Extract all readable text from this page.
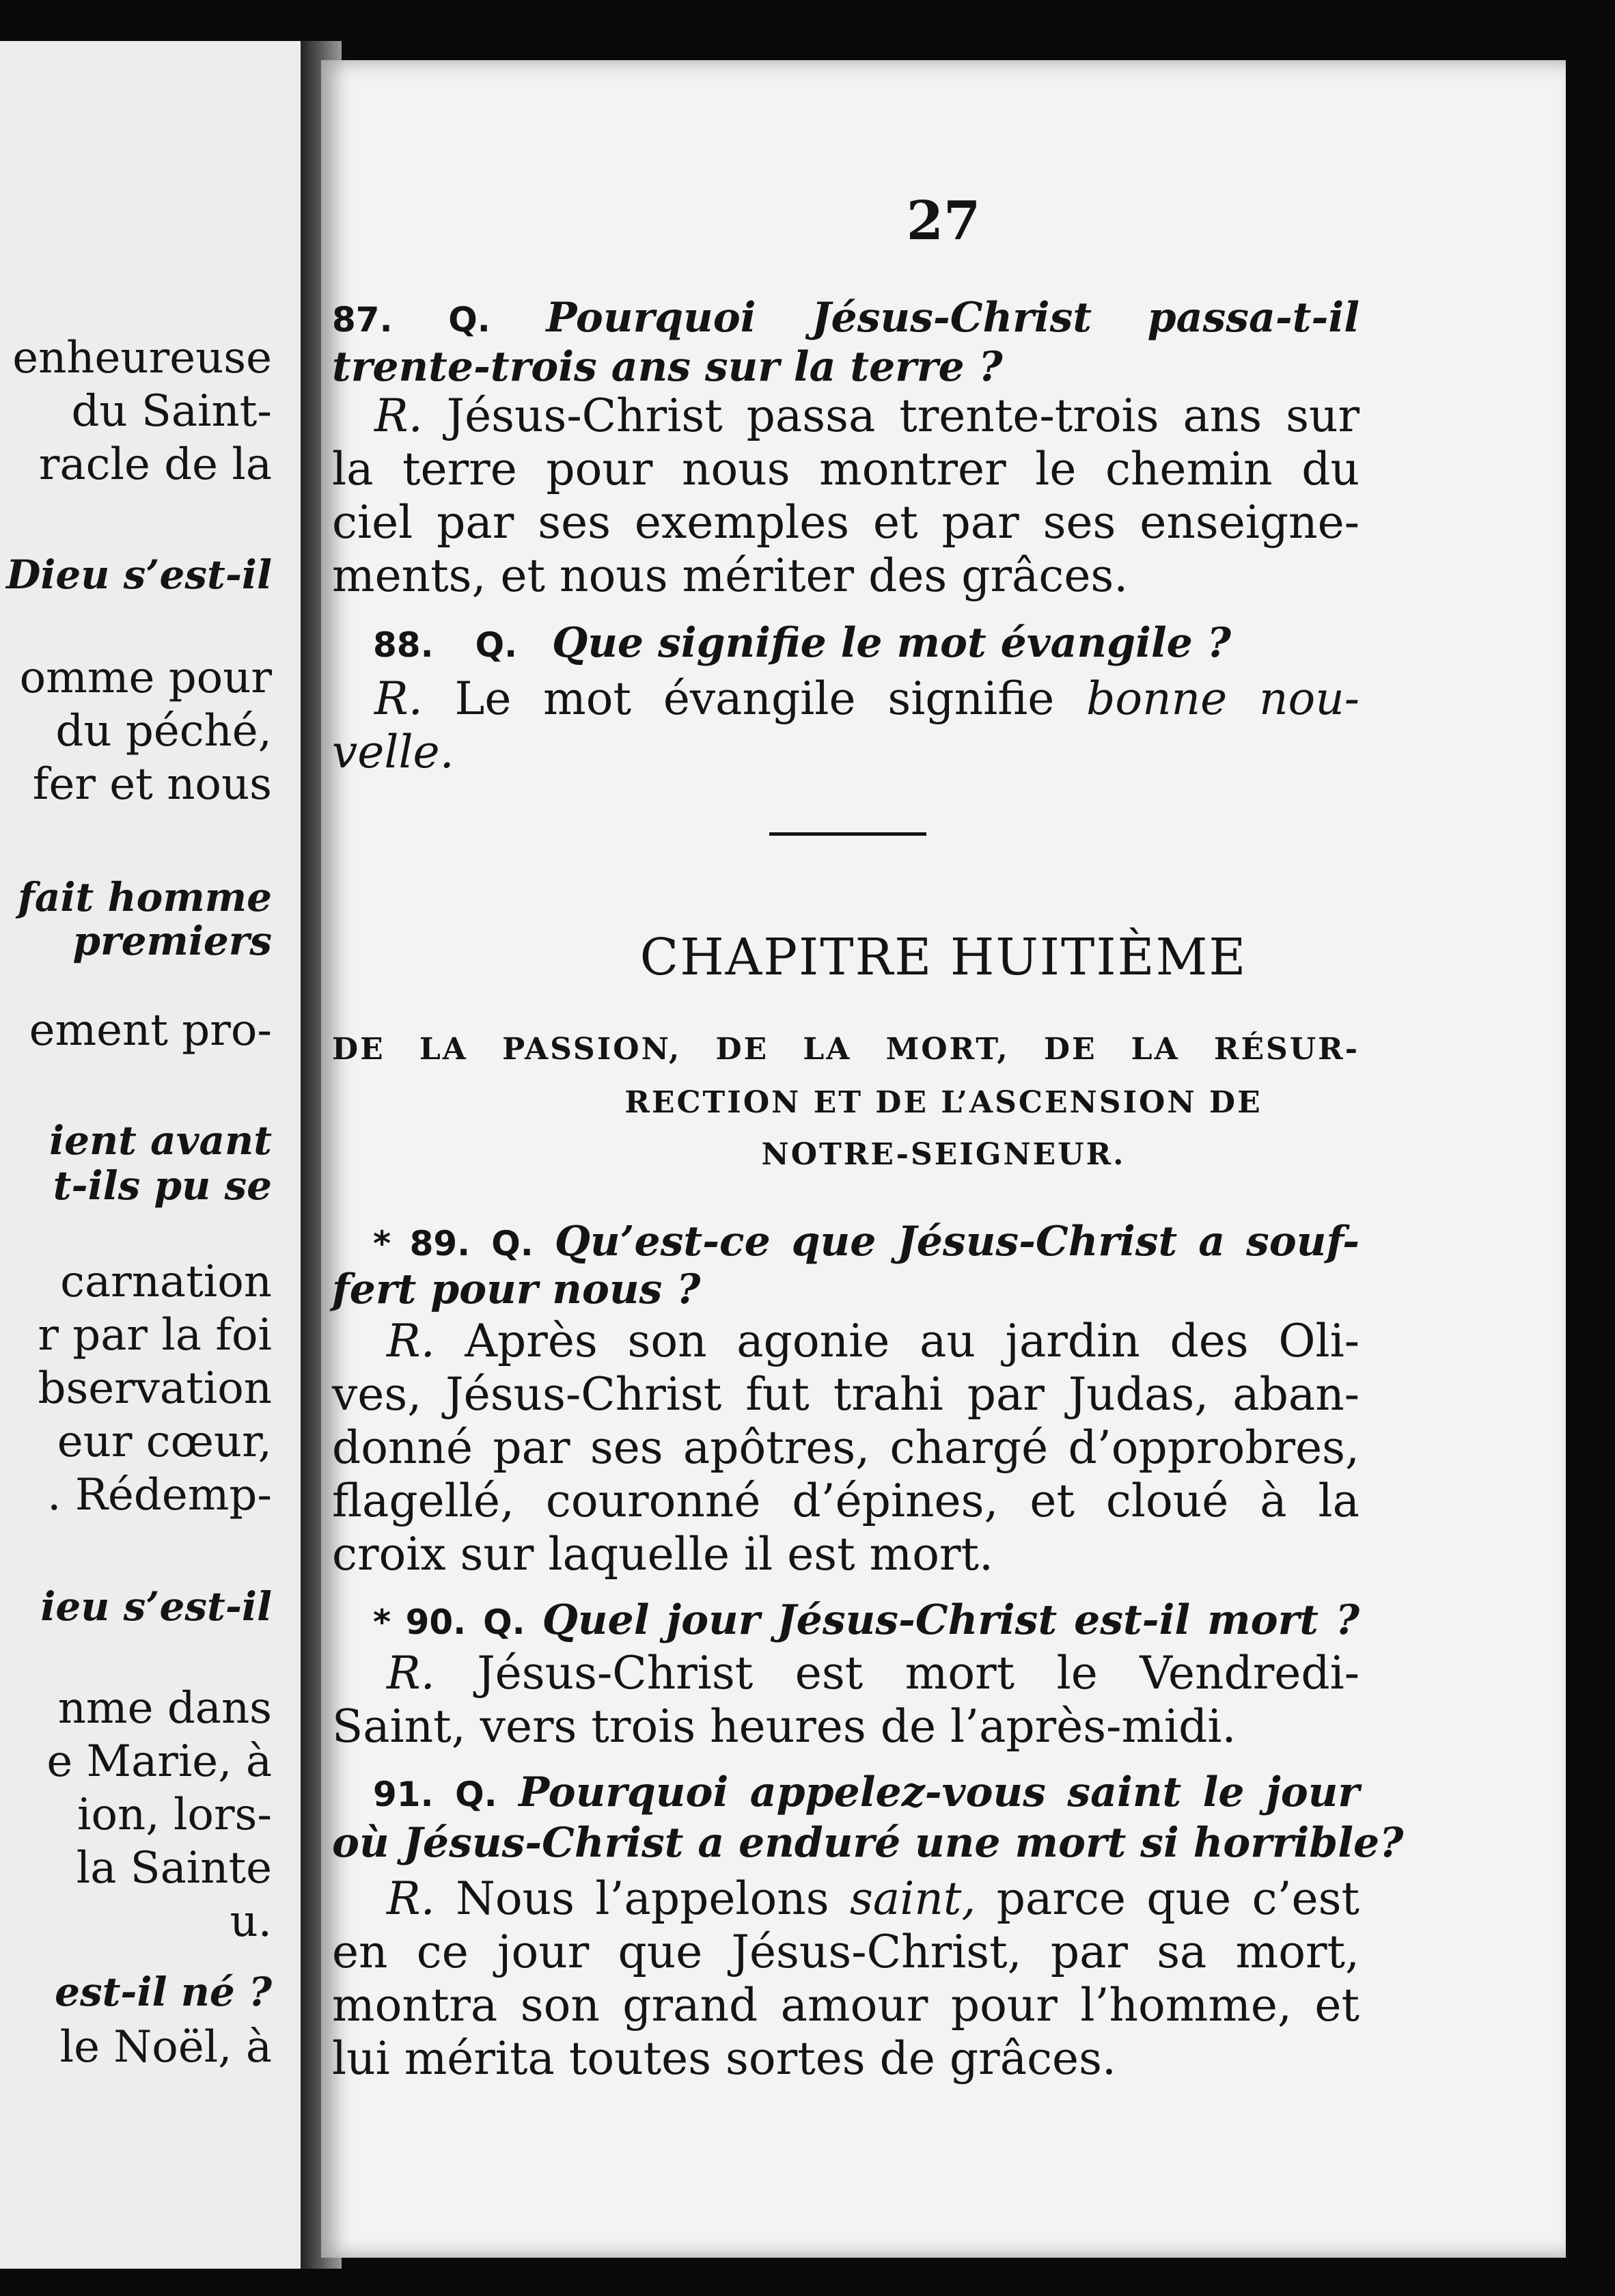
enheureuse
du Saint-
racle de la
Dieu s’est-il
omme pour
du péché,
fer et nous
fait homme
premiers
ement pro-
ient avant
t-ils pu se
carnation
r par la foi
bservation
eur cœur,
. Rédemp-
ieu s’est-il
nme dans
e Marie, à
ion, lors-
la Sainte
u.
est-il né ?
le Noël, à
27
87. Q. Pourquoi Jésus-Christ passa-t-il
trente-trois ans sur la terre ?
R. Jésus-Christ passa trente-trois ans sur
la terre pour nous montrer le chemin du
ciel par ses exemples et par ses enseigne-
ments, et nous mériter des grâces.
88. Q. Que signifie le mot évangile ?
R. Le mot évangile signifie bonne nou-
velle.
CHAPITRE HUITIÈME
DE LA PASSION, DE LA MORT, DE LA RÉSUR-
RECTION ET DE L’ASCENSION DE
NOTRE-SEIGNEUR.
* 89. Q. Qu’est-ce que Jésus-Christ a souf-
fert pour nous ?
R. Après son agonie au jardin des Oli-
ves, Jésus-Christ fut trahi par Judas, aban-
donné par ses apôtres, chargé d’opprobres,
flagellé, couronné d’épines, et cloué à la
croix sur laquelle il est mort.
* 90. Q. Quel jour Jésus-Christ est-il mort ?
R. Jésus-Christ est mort le Vendredi-
Saint, vers trois heures de l’après-midi.
91. Q. Pourquoi appelez-vous saint le jour
où Jésus-Christ a enduré une mort si horrible?
R. Nous l’appelons saint, parce que c’est
en ce jour que Jésus-Christ, par sa mort,
montra son grand amour pour l’homme, et
lui mérita toutes sortes de grâces.
